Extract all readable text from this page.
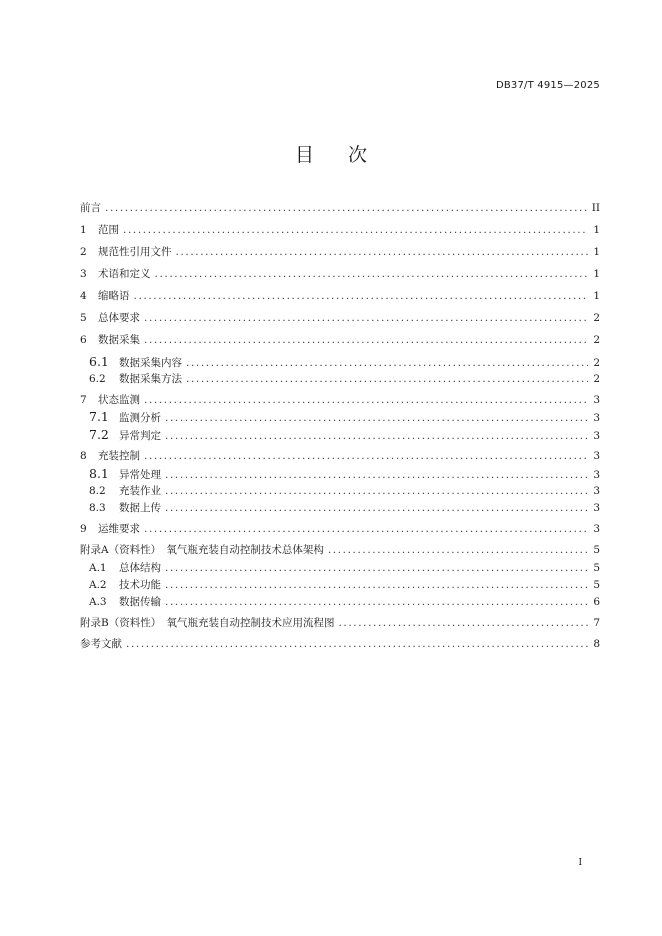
DB37/T 4915—2025
目 次
前言 .....	II
1	范围 .....	1
2	规范性引用文件 .....	1
3	术语和定义 .....	1
4	缩略语 .....	1
5	总体要求 .....	2
6	数据采集 .....	2
6.1 数据采集内容 .....	2
6.2	数据采集方法 .....	2
7	状态监测 .....	3
7.1 监测分析 .....	3
7.2 异常判定 .....	3
8	充装控制 .....	3
8.1 异常处理 .....	3
8.2	充装作业 .....	3
8.3	数据上传 .....	3
9	运维要求 .....	3
附录A（资料性）　氧气瓶充装自动控制技术总体架构 .....	5
A.1	总体结构 .....	5
A.2	技术功能 .....	5
A.3	数据传输 .....	6
附录B（资料性）　氧气瓶充装自动控制技术应用流程图 .....	7
参考文献 .....	8
I
